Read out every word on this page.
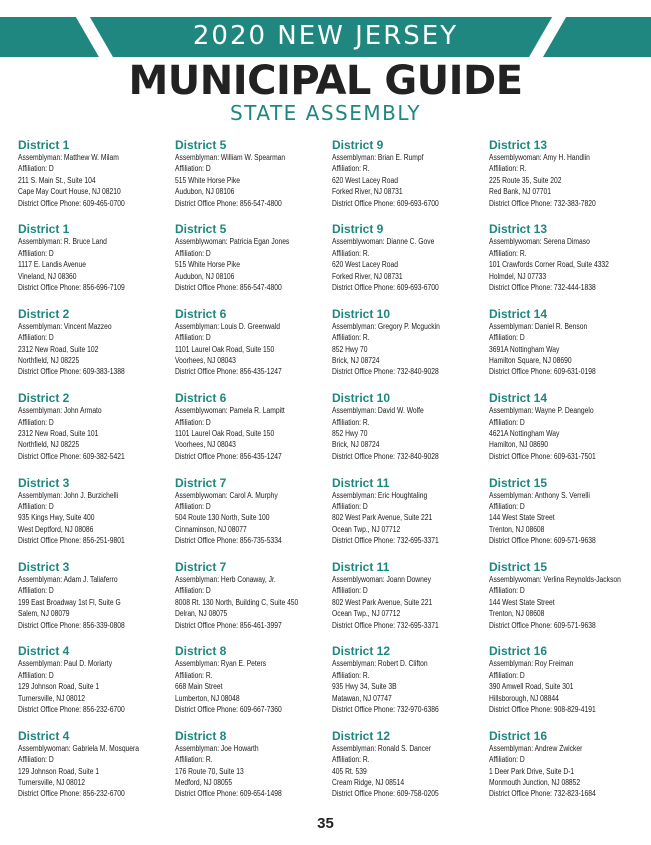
2020 NEW JERSEY
MUNICIPAL GUIDE
STATE ASSEMBLY
District 1
Assemblyman: Matthew W. Milam
Affiliation: D
211 S. Main St., Suite 104
Cape May Court House, NJ 08210
District Office Phone: 609-465-0700
District 1
Assemblyman: R. Bruce Land
Affiliation: D
1117 E. Landis Avenue
Vineland, NJ 08360
District Office Phone: 856-696-7109
District 2
Assemblyman: Vincent Mazzeo
Affiliation: D
2312 New Road, Suite 102
Northfield, NJ 08225
District Office Phone: 609-383-1388
District 2
Assemblyman: John Armato
Affiliation: D
2312 New Road, Suite 101
Northfield, NJ 08225
District Office Phone: 609-382-5421
District 3
Assemblyman: John J. Burzichelli
Affiliation: D
935 Kings Hwy, Suite 400
West Deptford, NJ 08086
District Office Phone: 856-251-9801
District 3
Assemblyman: Adam J. Taliaferro
Affiliation: D
199 East Broadway 1st Fl, Suite G
Salem, NJ 08079
District Office Phone: 856-339-0808
District 4
Assemblyman: Paul D. Moriarty
Affiliation: D
129 Johnson Road, Suite 1
Turnersville, NJ 08012
District Office Phone: 856-232-6700
District 4
Assemblywoman: Gabriela M. Mosquera
Affiliation: D
129 Johnson Road, Suite 1
Turnersville, NJ 08012
District Office Phone: 856-232-6700
District 5
Assemblyman: William W. Spearman
Affiliation: D
515 White Horse Pike
Audubon, NJ 08106
District Office Phone: 856-547-4800
District 5
Assemblywoman: Patricia Egan Jones
Affiliation: D
515 White Horse Pike
Audubon, NJ 08106
District Office Phone: 856-547-4800
District 6
Assemblyman: Louis D. Greenwald
Affiliation: D
1101 Laurel Oak Road, Suite 150
Voorhees, NJ 08043
District Office Phone: 856-435-1247
District 6
Assemblywoman: Pamela R. Lampitt
Affiliation: D
1101 Laurel Oak Road, Suite 150
Voorhees, NJ 08043
District Office Phone: 856-435-1247
District 7
Assemblywoman: Carol A. Murphy
Affiliation: D
504 Route 130 North, Suite 100
Cinnaminson, NJ 08077
District Office Phone: 856-735-5334
District 7
Assemblyman: Herb Conaway, Jr.
Affiliation: D
8008 Rt. 130 North, Building C, Suite 450
Delran, NJ 08075
District Office Phone: 856-461-3997
District 8
Assemblyman: Ryan E. Peters
Affiliation: R.
668 Main Street
Lumberton, NJ 08048
District Office Phone: 609-667-7360
District 8
Assemblyman: Joe Howarth
Affiliation: R.
176 Route 70, Suite 13
Medford, NJ 08055
District Office Phone: 609-654-1498
District 9
Assemblyman: Brian E. Rumpf
Affiliation: R.
620 West Lacey Road
Forked River, NJ 08731
District Office Phone: 609-693-6700
District 9
Assemblywoman: Dianne C. Gove
Affiliation: R.
620 West Lacey Road
Forked River, NJ 08731
District Office Phone: 609-693-6700
District 10
Assemblyman: Gregory P. Mcguckin
Affiliation: R.
852 Hwy 70
Brick, NJ 08724
District Office Phone: 732-840-9028
District 10
Assemblyman: David W. Wolfe
Affiliation: R.
852 Hwy 70
Brick, NJ 08724
District Office Phone: 732-840-9028
District 11
Assemblyman: Eric Houghtaling
Affiliation: D
802 West Park Avenue, Suite 221
Ocean Twp., NJ 07712
District Office Phone: 732-695-3371
District 11
Assemblywoman: Joann Downey
Affiliation: D
802 West Park Avenue, Suite 221
Ocean Twp., NJ 07712
District Office Phone: 732-695-3371
District 12
Assemblyman: Robert D. Clifton
Affiliation: R.
935 Hwy 34, Suite 3B
Matawan, NJ 07747
District Office Phone: 732-970-6386
District 12
Assemblyman: Ronald S. Dancer
Affiliation: R.
405 Rt. 539
Cream Ridge, NJ 08514
District Office Phone: 609-758-0205
District 13
Assemblywoman: Amy H. Handlin
Affiliation: R.
225 Route 35, Suite 202
Red Bank, NJ 07701
District Office Phone: 732-383-7820
District 13
Assemblywoman: Serena Dimaso
Affiliation: R.
101 Crawfords Corner Road, Suite 4332
Holmdel, NJ 07733
District Office Phone: 732-444-1838
District 14
Assemblyman: Daniel R. Benson
Affiliation: D
3691A Nottingham Way
Hamilton Square, NJ 08690
District Office Phone: 609-631-0198
District 14
Assemblyman: Wayne P. Deangelo
Affiliation: D
4621A Nottingham Way
Hamilton, NJ 08690
District Office Phone: 609-631-7501
District 15
Assemblyman: Anthony S. Verrelli
Affiliation: D
144 West State Street
Trenton, NJ 08608
District Office Phone: 609-571-9638
District 15
Assemblywoman: Verlina Reynolds-Jackson
Affiliation: D
144 West State Street
Trenton, NJ 08608
District Office Phone: 609-571-9638
District 16
Assemblyman: Roy Freiman
Affiliation: D
390 Amwell Road, Suite 301
Hillsborough, NJ 08844
District Office Phone: 908-829-4191
District 16
Assemblyman: Andrew Zwicker
Affiliation: D
1 Deer Park Drive, Suite D-1
Monmouth Junction, NJ 08852
District Office Phone: 732-823-1684
35
